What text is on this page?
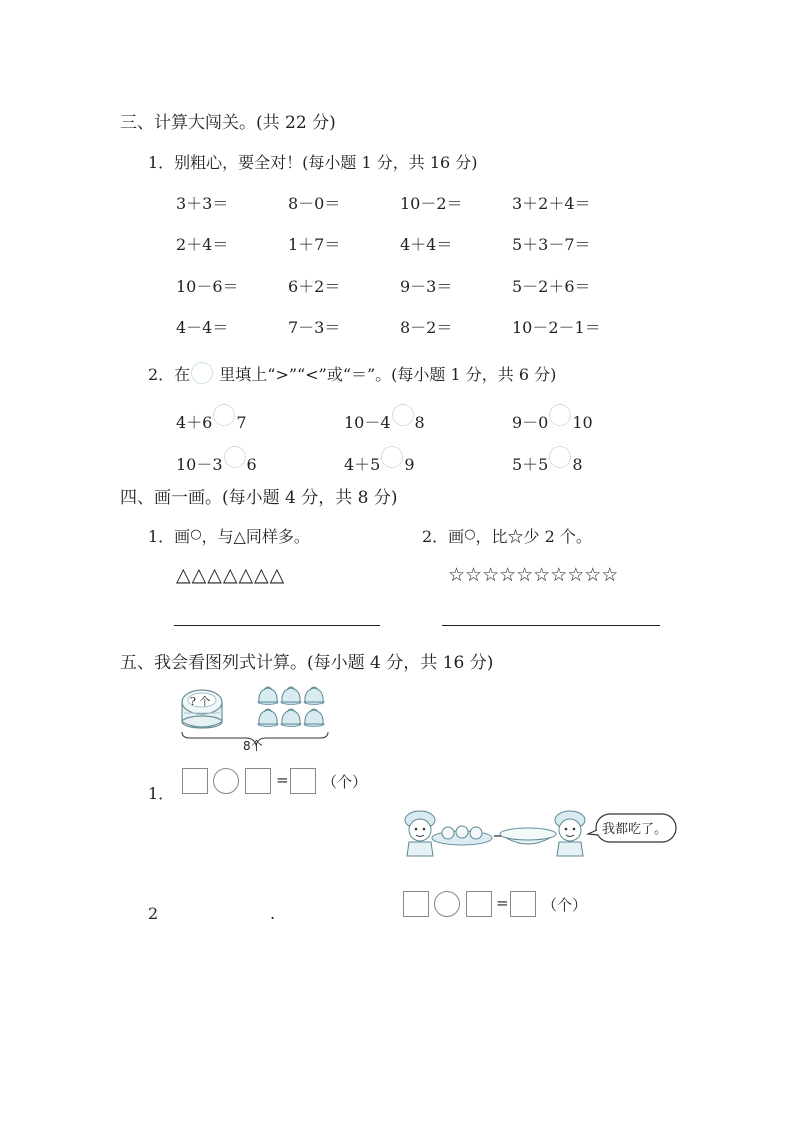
三、计算大闯关。(共 22 分)
1．别粗心，要全对！(每小题 1 分，共 16 分)
3＋3＝	8－0＝	10－2＝	3＋2＋4＝
2＋4＝	1＋7＝	4＋4＝	5＋3－7＝
10－6＝	6＋2＝	9－3＝	5－2＋6＝
4－4＝	7－3＝	8－2＝	10－2－1＝
2．在 里填上“>”“<”或“＝”。(每小题 1 分，共 6 分)
4＋6 7	10－4 8	9－0 10
10－3 6	4＋5 9	5＋5 8
四、画一画。(每小题 4 分，共 8 分)
1．画○，与△同样多。	2．画○，比☆少 2 个。
△△△△△△△	☆☆☆☆☆☆☆☆☆☆
五、我会看图列式计算。(每小题 4 分，共 16 分)
? 个
8个
1．
= （个）
我都吃了。
2	.
= （个）
